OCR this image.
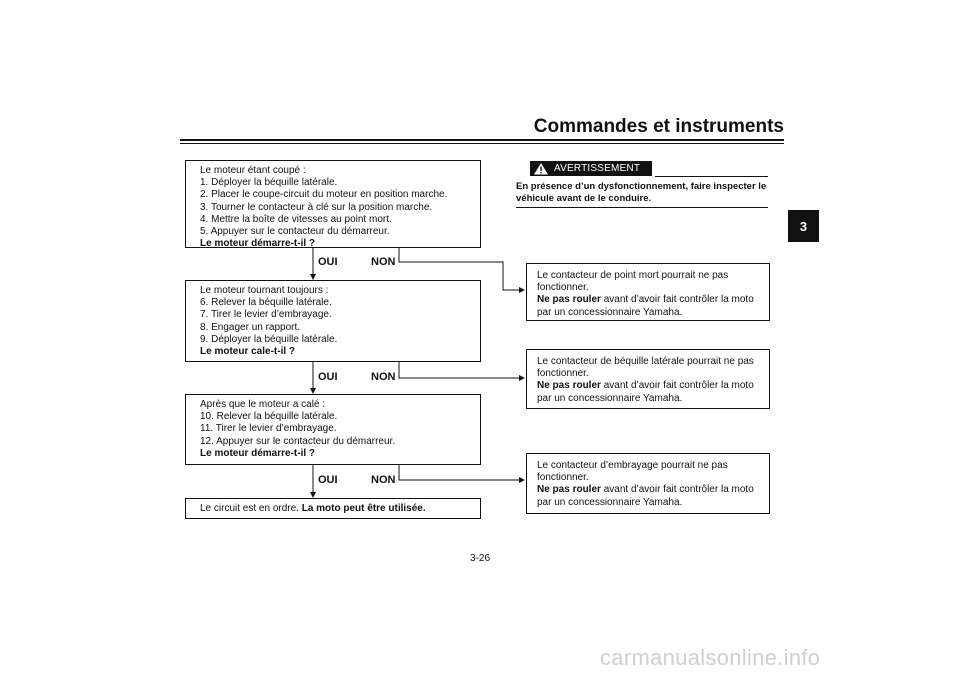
Commandes et instruments
3
Le moteur étant coupé :
1. Déployer la béquille latérale.
2. Placer le coupe-circuit du moteur en position marche.
3. Tourner le contacteur à clé sur la position marche.
4. Mettre la boîte de vitesses au point mort.
5. Appuyer sur le contacteur du démarreur.
Le moteur démarre-t-il ?
OUI	NON
Le moteur tournant toujours :
6. Relever la béquille latérale.
7. Tirer le levier d’embrayage.
8. Engager un rapport.
9. Déployer la béquille latérale.
Le moteur cale-t-il ?
OUI	NON
Après que le moteur a calé :
10. Relever la béquille latérale.
11. Tirer le levier d’embrayage.
12. Appuyer sur le contacteur du démarreur.
Le moteur démarre-t-il ?
OUI	NON
Le circuit est en ordre. La moto peut être utilisée.
AVERTISSEMENT
En présence d’un dysfonctionnement, faire inspecter le véhicule avant de le conduire.
Le contacteur de point mort pourrait ne pas fonctionner.
Ne pas rouler avant d’avoir fait contrôler la moto par un concessionnaire Yamaha.
Le contacteur de béquille latérale pourrait ne pas fonctionner.
Ne pas rouler avant d’avoir fait contrôler la moto par un concessionnaire Yamaha.
Le contacteur d’embrayage pourrait ne pas fonctionner.
Ne pas rouler avant d’avoir fait contrôler la moto par un concessionnaire Yamaha.
3-26
carmanualsonline.info
